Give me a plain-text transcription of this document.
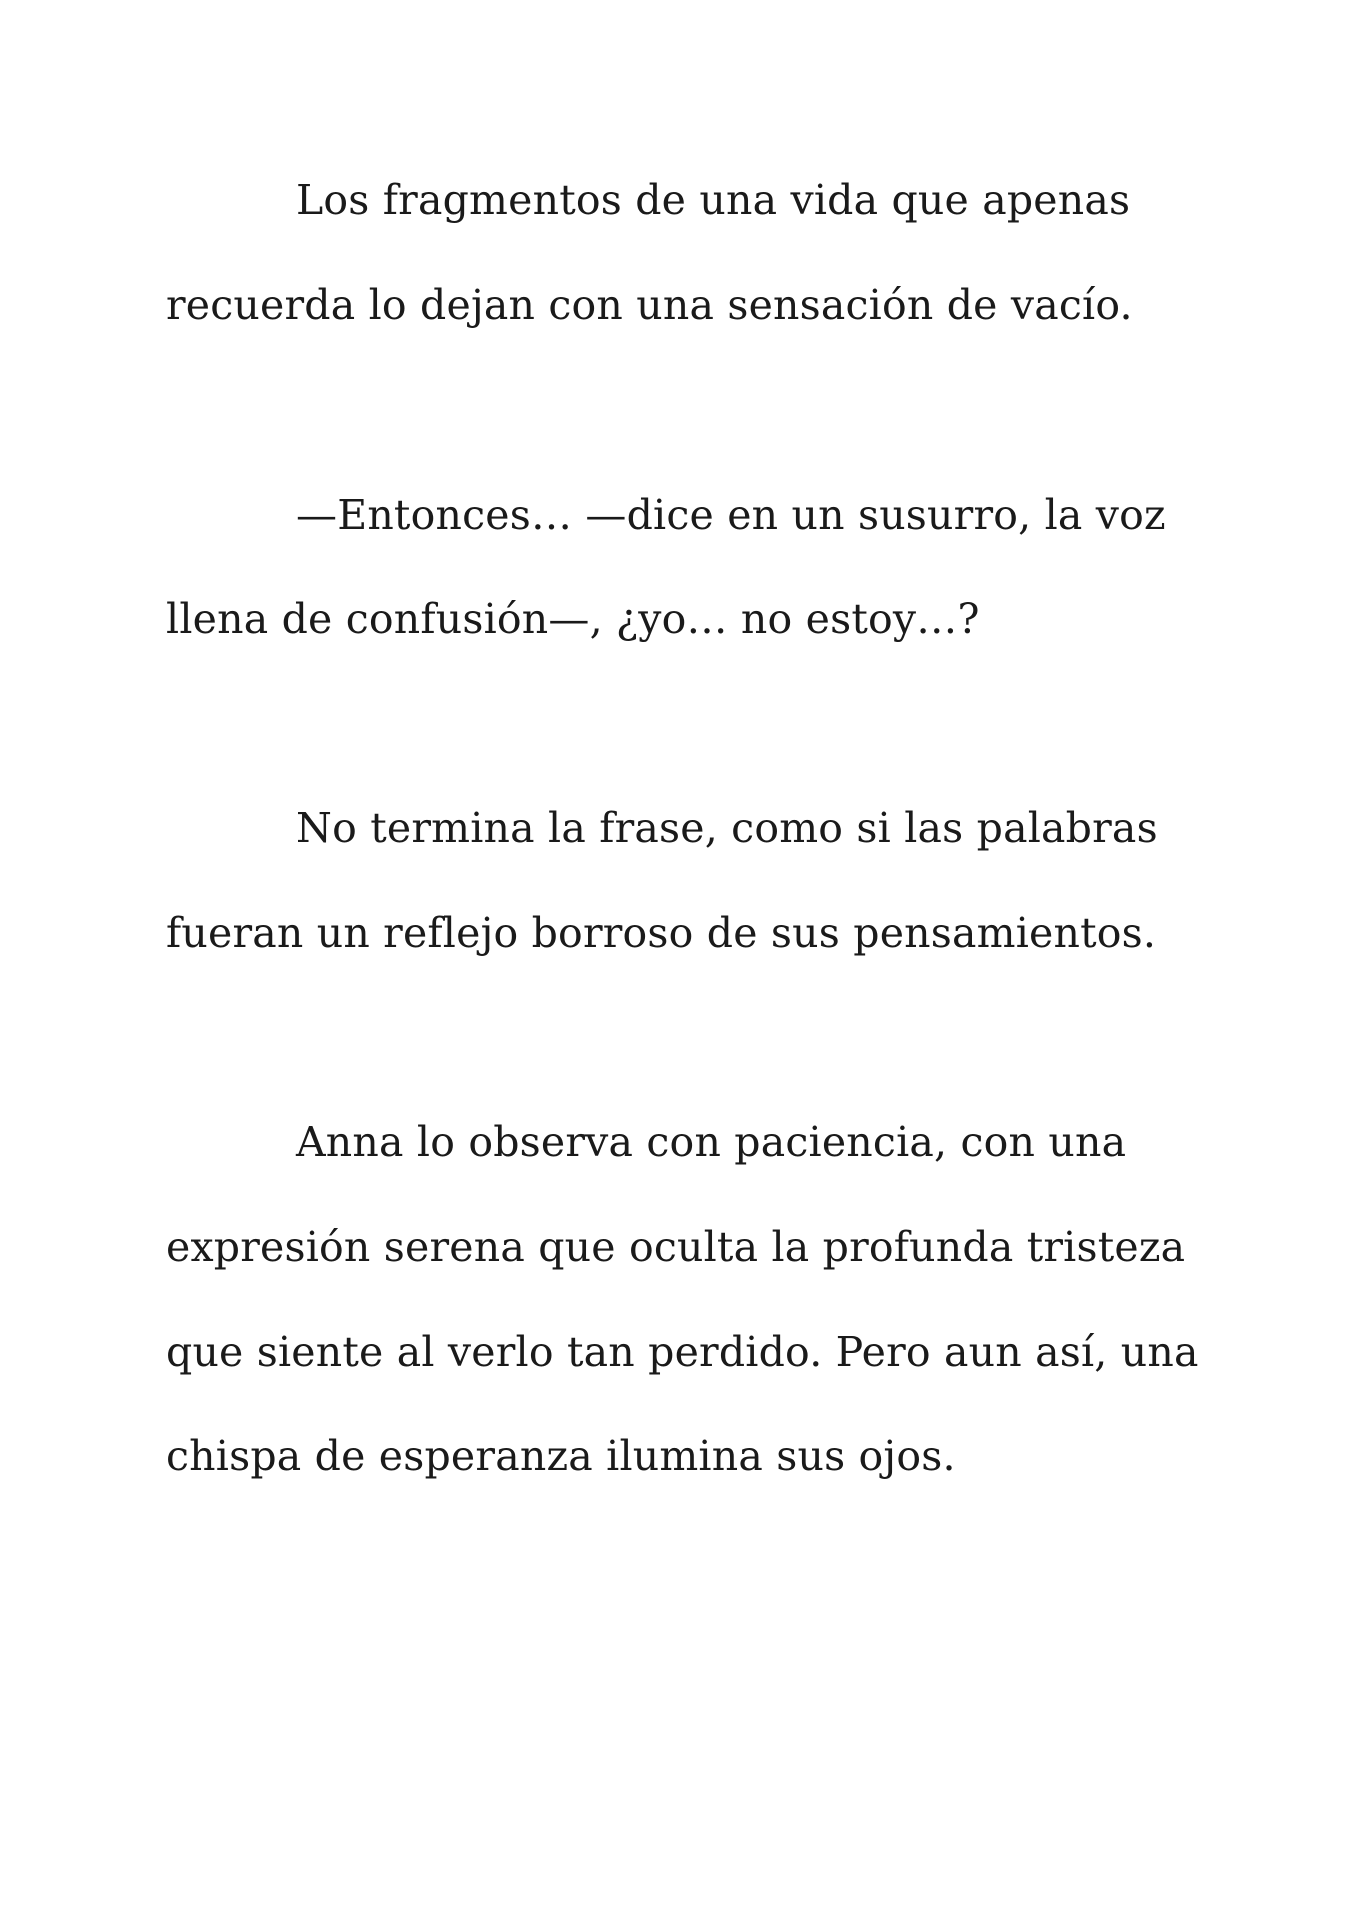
Los fragmentos de una vida que apenas
recuerda lo dejan con una sensación de vacío.
—Entonces… —dice en un susurro, la voz
llena de confusión—, ¿yo… no estoy…?
No termina la frase, como si las palabras
fueran un reflejo borroso de sus pensamientos.
Anna lo observa con paciencia, con una
expresión serena que oculta la profunda tristeza
que siente al verlo tan perdido. Pero aun así, una
chispa de esperanza ilumina sus ojos.
